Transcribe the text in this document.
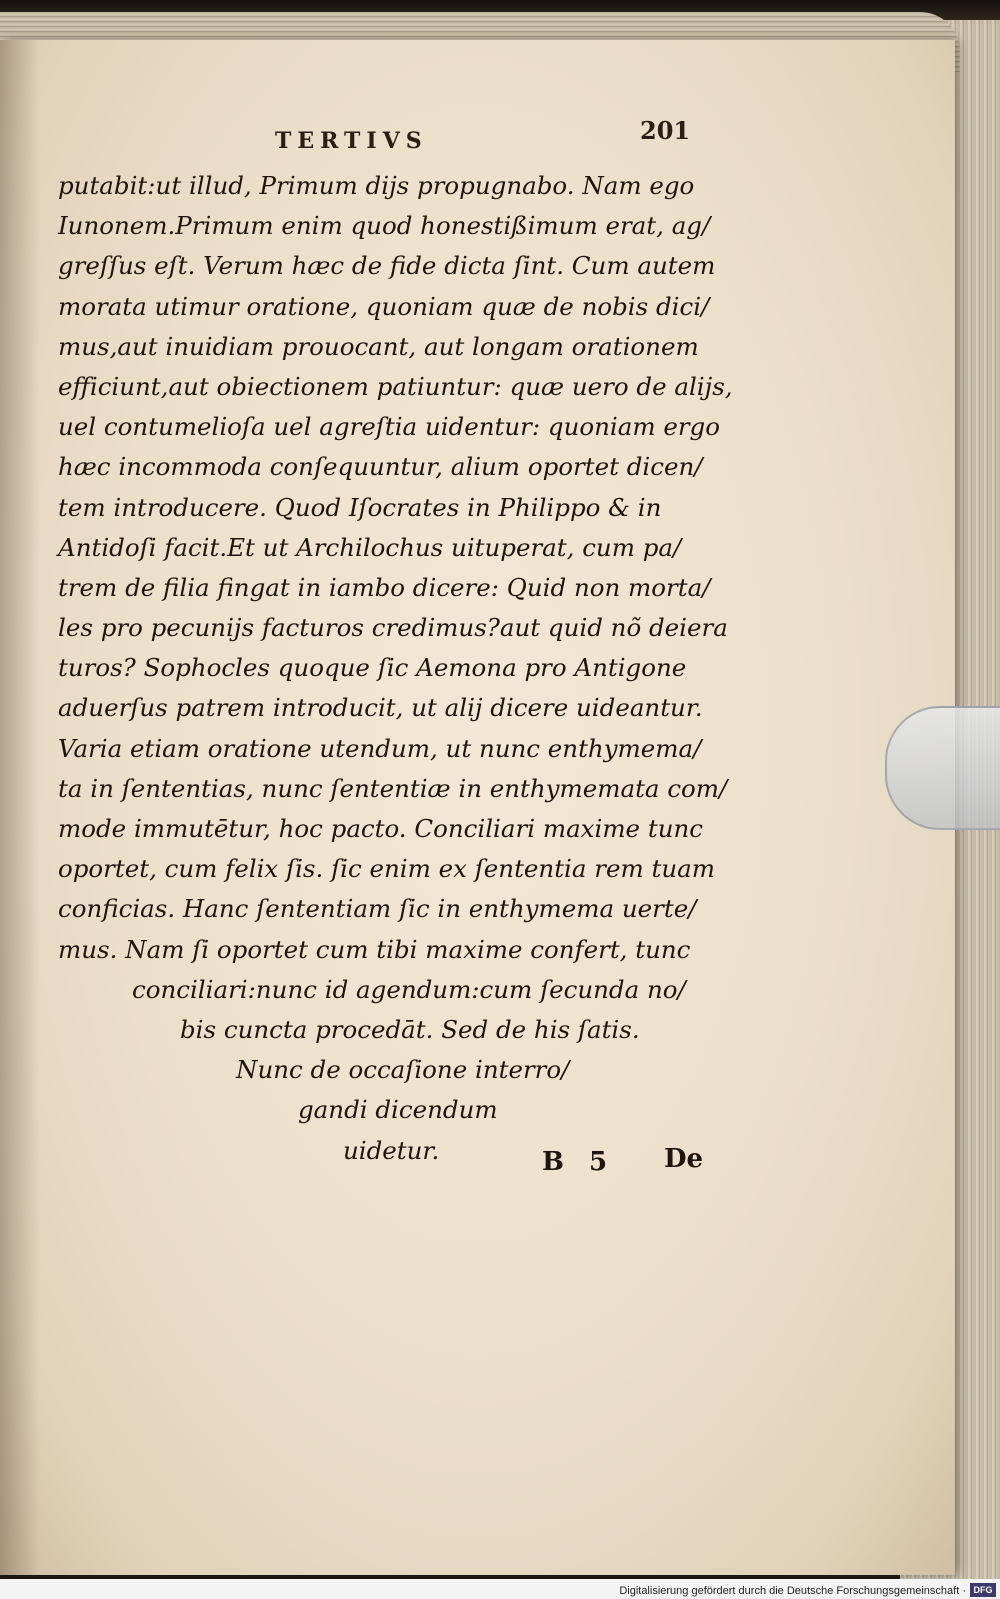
TERTIVS	201
putabit:ut illud, Primum dijs propugnabo. Nam ego
Iunonem.Primum enim quod honestißimum erat, ag/
greſſus eſt. Verum hæc de fide dicta ſint. Cum autem
morata utimur oratione, quoniam quæ de nobis dici/
mus,aut inuidiam prouocant, aut longam orationem
efficiunt,aut obiectionem patiuntur: quæ uero de alijs,
uel contumelioſa uel agreſtia uidentur: quoniam ergo
hæc incommoda conſequuntur, alium oportet dicen/
tem introducere. Quod Iſocrates in Philippo & in
Antidoſi facit.Et ut Archilochus uituperat, cum pa/
trem de filia fingat in iambo dicere: Quid non morta/
les pro pecunijs facturos credimus?aut quid nõ deiera
turos? Sophocles quoque ſic Aemona pro Antigone
aduerſus patrem introducit, ut alij dicere uideantur.
Varia etiam oratione utendum, ut nunc enthymema/
ta in ſententias, nunc ſententiæ in enthymemata com/
mode immutētur, hoc pacto. Conciliari maxime tunc
oportet, cum felix ſis. ſic enim ex ſententia rem tuam
conficias. Hanc ſententiam ſic in enthymema uerte/
mus. Nam ſi oportet cum tibi maxime confert, tunc
conciliari:nunc id agendum:cum ſecunda no/
bis cuncta procedāt. Sed de his ſatis.
Nunc de occaſione interro/
gandi dicendum
uidetur.	B 5 De
Digitalisierung gefördert durch die Deutsche Forschungsgemeinschaft · DFG
